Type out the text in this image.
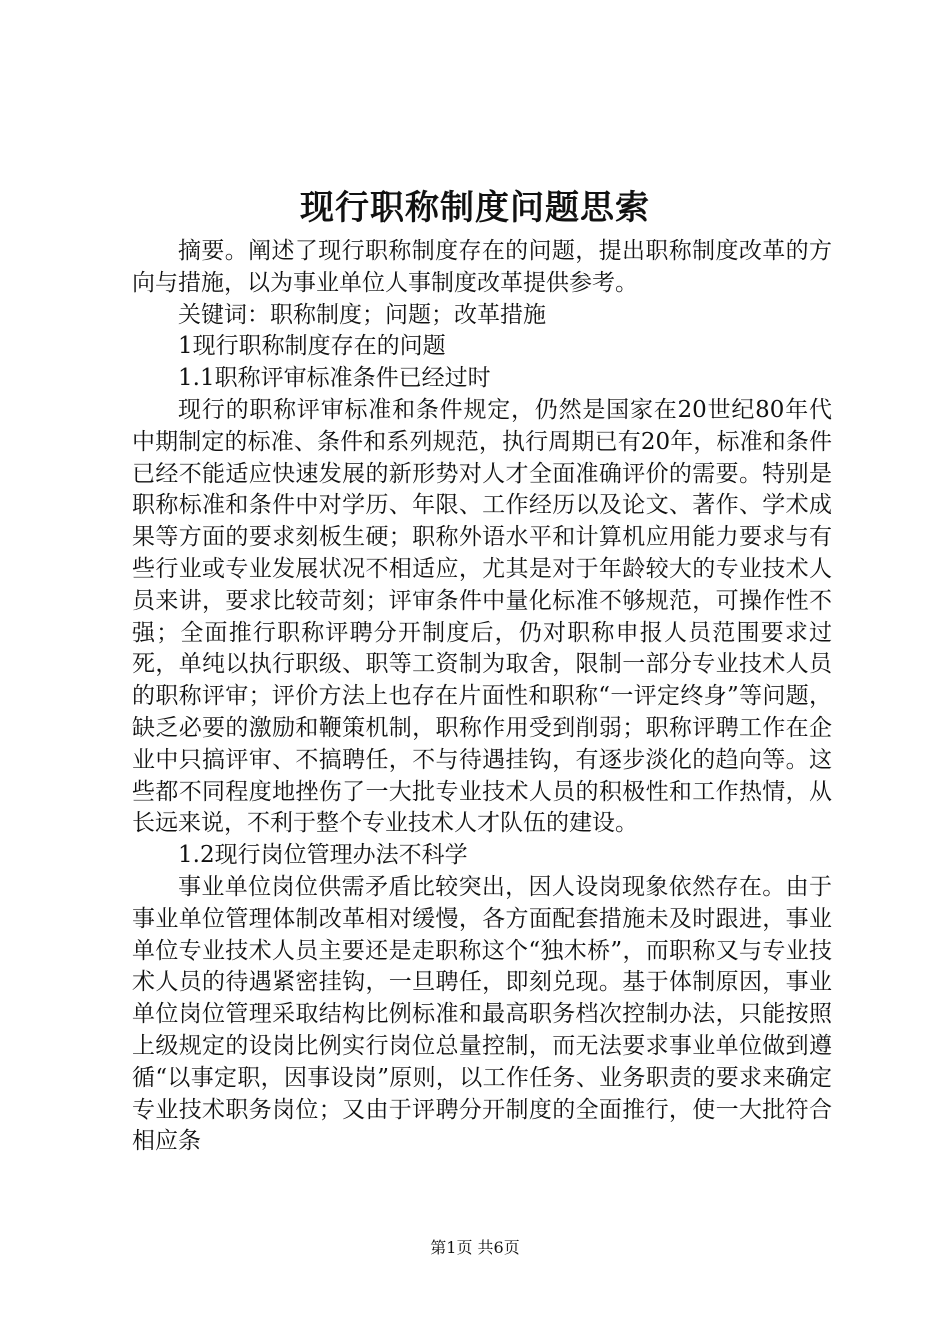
现行职称制度问题思索

摘要。阐述了现行职称制度存在的问题，提出职称制度改革的方向与措施，以为事业单位人事制度改革提供参考。

关键词：职称制度；问题；改革措施

1现行职称制度存在的问题

1.1职称评审标准条件已经过时

现行的职称评审标准和条件规定，仍然是国家在20世纪80年代中期制定的标准、条件和系列规范，执行周期已有20年，标准和条件已经不能适应快速发展的新形势对人才全面准确评价的需要。特别是职称标准和条件中对学历、年限、工作经历以及论文、著作、学术成果等方面的要求刻板生硬；职称外语水平和计算机应用能力要求与有些行业或专业发展状况不相适应，尤其是对于年龄较大的专业技术人员来讲，要求比较苛刻；评审条件中量化标准不够规范，可操作性不强；全面推行职称评聘分开制度后，仍对职称申报人员范围要求过死，单纯以执行职级、职等工资制为取舍，限制一部分专业技术人员的职称评审；评价方法上也存在片面性和职称“一评定终身”等问题，缺乏必要的激励和鞭策机制，职称作用受到削弱；职称评聘工作在企业中只搞评审、不搞聘任，不与待遇挂钩，有逐步淡化的趋向等。这些都不同程度地挫伤了一大批专业技术人员的积极性和工作热情，从长远来说，不利于整个专业技术人才队伍的建设。

1.2现行岗位管理办法不科学

事业单位岗位供需矛盾比较突出，因人设岗现象依然存在。由于事业单位管理体制改革相对缓慢，各方面配套措施未及时跟进，事业单位专业技术人员主要还是走职称这个“独木桥”，而职称又与专业技术人员的待遇紧密挂钩，一旦聘任，即刻兑现。基于体制原因，事业单位岗位管理采取结构比例标准和最高职务档次控制办法，只能按照上级规定的设岗比例实行岗位总量控制，而无法要求事业单位做到遵循“以事定职，因事设岗”原则，以工作任务、业务职责的要求来确定专业技术职务岗位；又由于评聘分开制度的全面推行，使一大批符合相应条

第1页 共6页
